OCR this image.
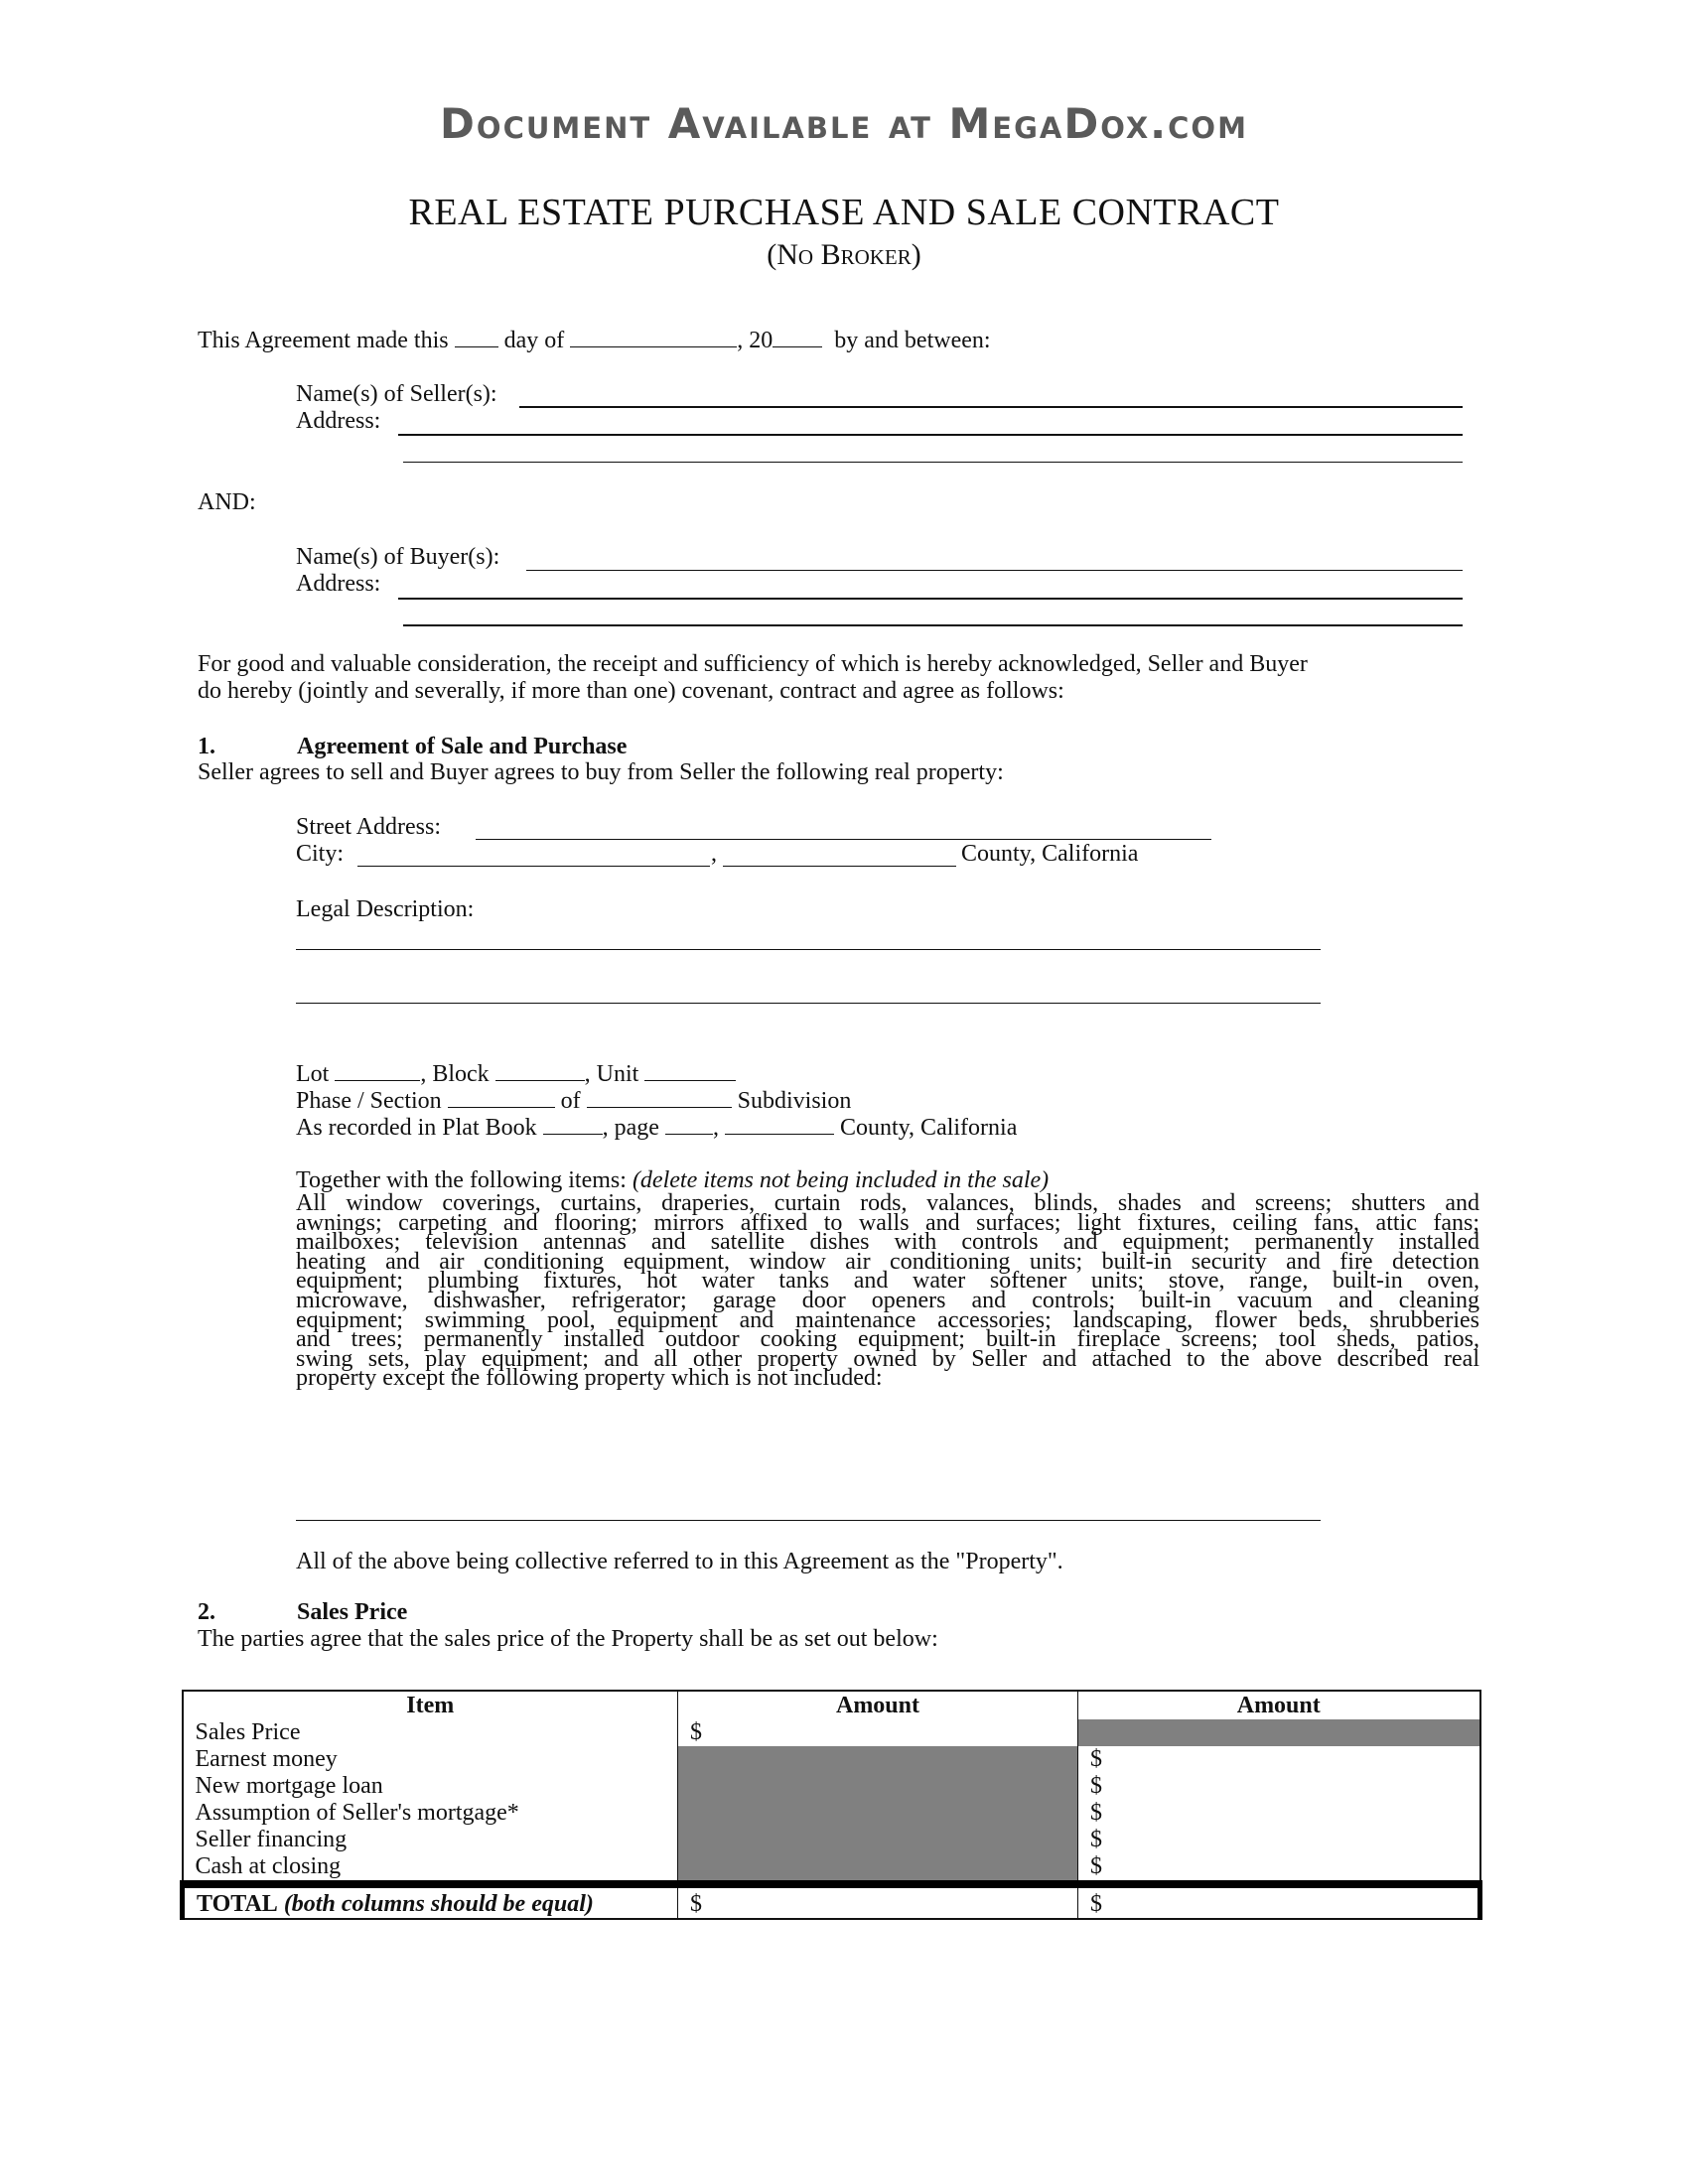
Document Available at MegaDox.com
REAL ESTATE PURCHASE AND SALE CONTRACT
(No Broker)
This Agreement made this day of	, 20	by and between:
Name(s) of Seller(s):
Address:
AND:
Name(s) of Buyer(s):
Address:
For good and valuable consideration, the receipt and sufficiency of which is hereby acknowledged, Seller and Buyer
do hereby (jointly and severally, if more than one) covenant, contract and agree as follows:
1.	Agreement of Sale and Purchase
Seller agrees to sell and Buyer agrees to buy from Seller the following real property:
Street Address:
City:	,	County, California
Legal Description:
Lot	, Block	, Unit
Phase / Section	of	Subdivision
As recorded in Plat Book	, page ,	County, California
Together with the following items: (delete items not being included in the sale)
All window coverings, curtains, draperies, curtain rods, valances, blinds, shades and screens; shutters and
awnings; carpeting and flooring; mirrors affixed to walls and surfaces; light fixtures, ceiling fans, attic fans;
mailboxes; television antennas and satellite dishes with controls and equipment; permanently installed
heating and air conditioning equipment, window air conditioning units; built-in security and fire detection
equipment; plumbing fixtures, hot water tanks and water softener units; stove, range, built-in oven,
microwave, dishwasher, refrigerator; garage door openers and controls; built-in vacuum and cleaning
equipment; swimming pool, equipment and maintenance accessories; landscaping, flower beds, shrubberies
and trees; permanently installed outdoor cooking equipment; built-in fireplace screens; tool sheds, patios,
swing sets, play equipment; and all other property owned by Seller and attached to the above described real
property except the following property which is not included:
All of the above being collective referred to in this Agreement as the "Property".
2.	Sales Price
The parties agree that the sales price of the Property shall be as set out below:
Item	Amount	Amount
Sales Price	$	
Earnest money		$
New mortgage loan		$
Assumption of Seller's mortgage*		$
Seller financing		$
Cash at closing		$
TOTAL (both columns should be equal)	$	$
